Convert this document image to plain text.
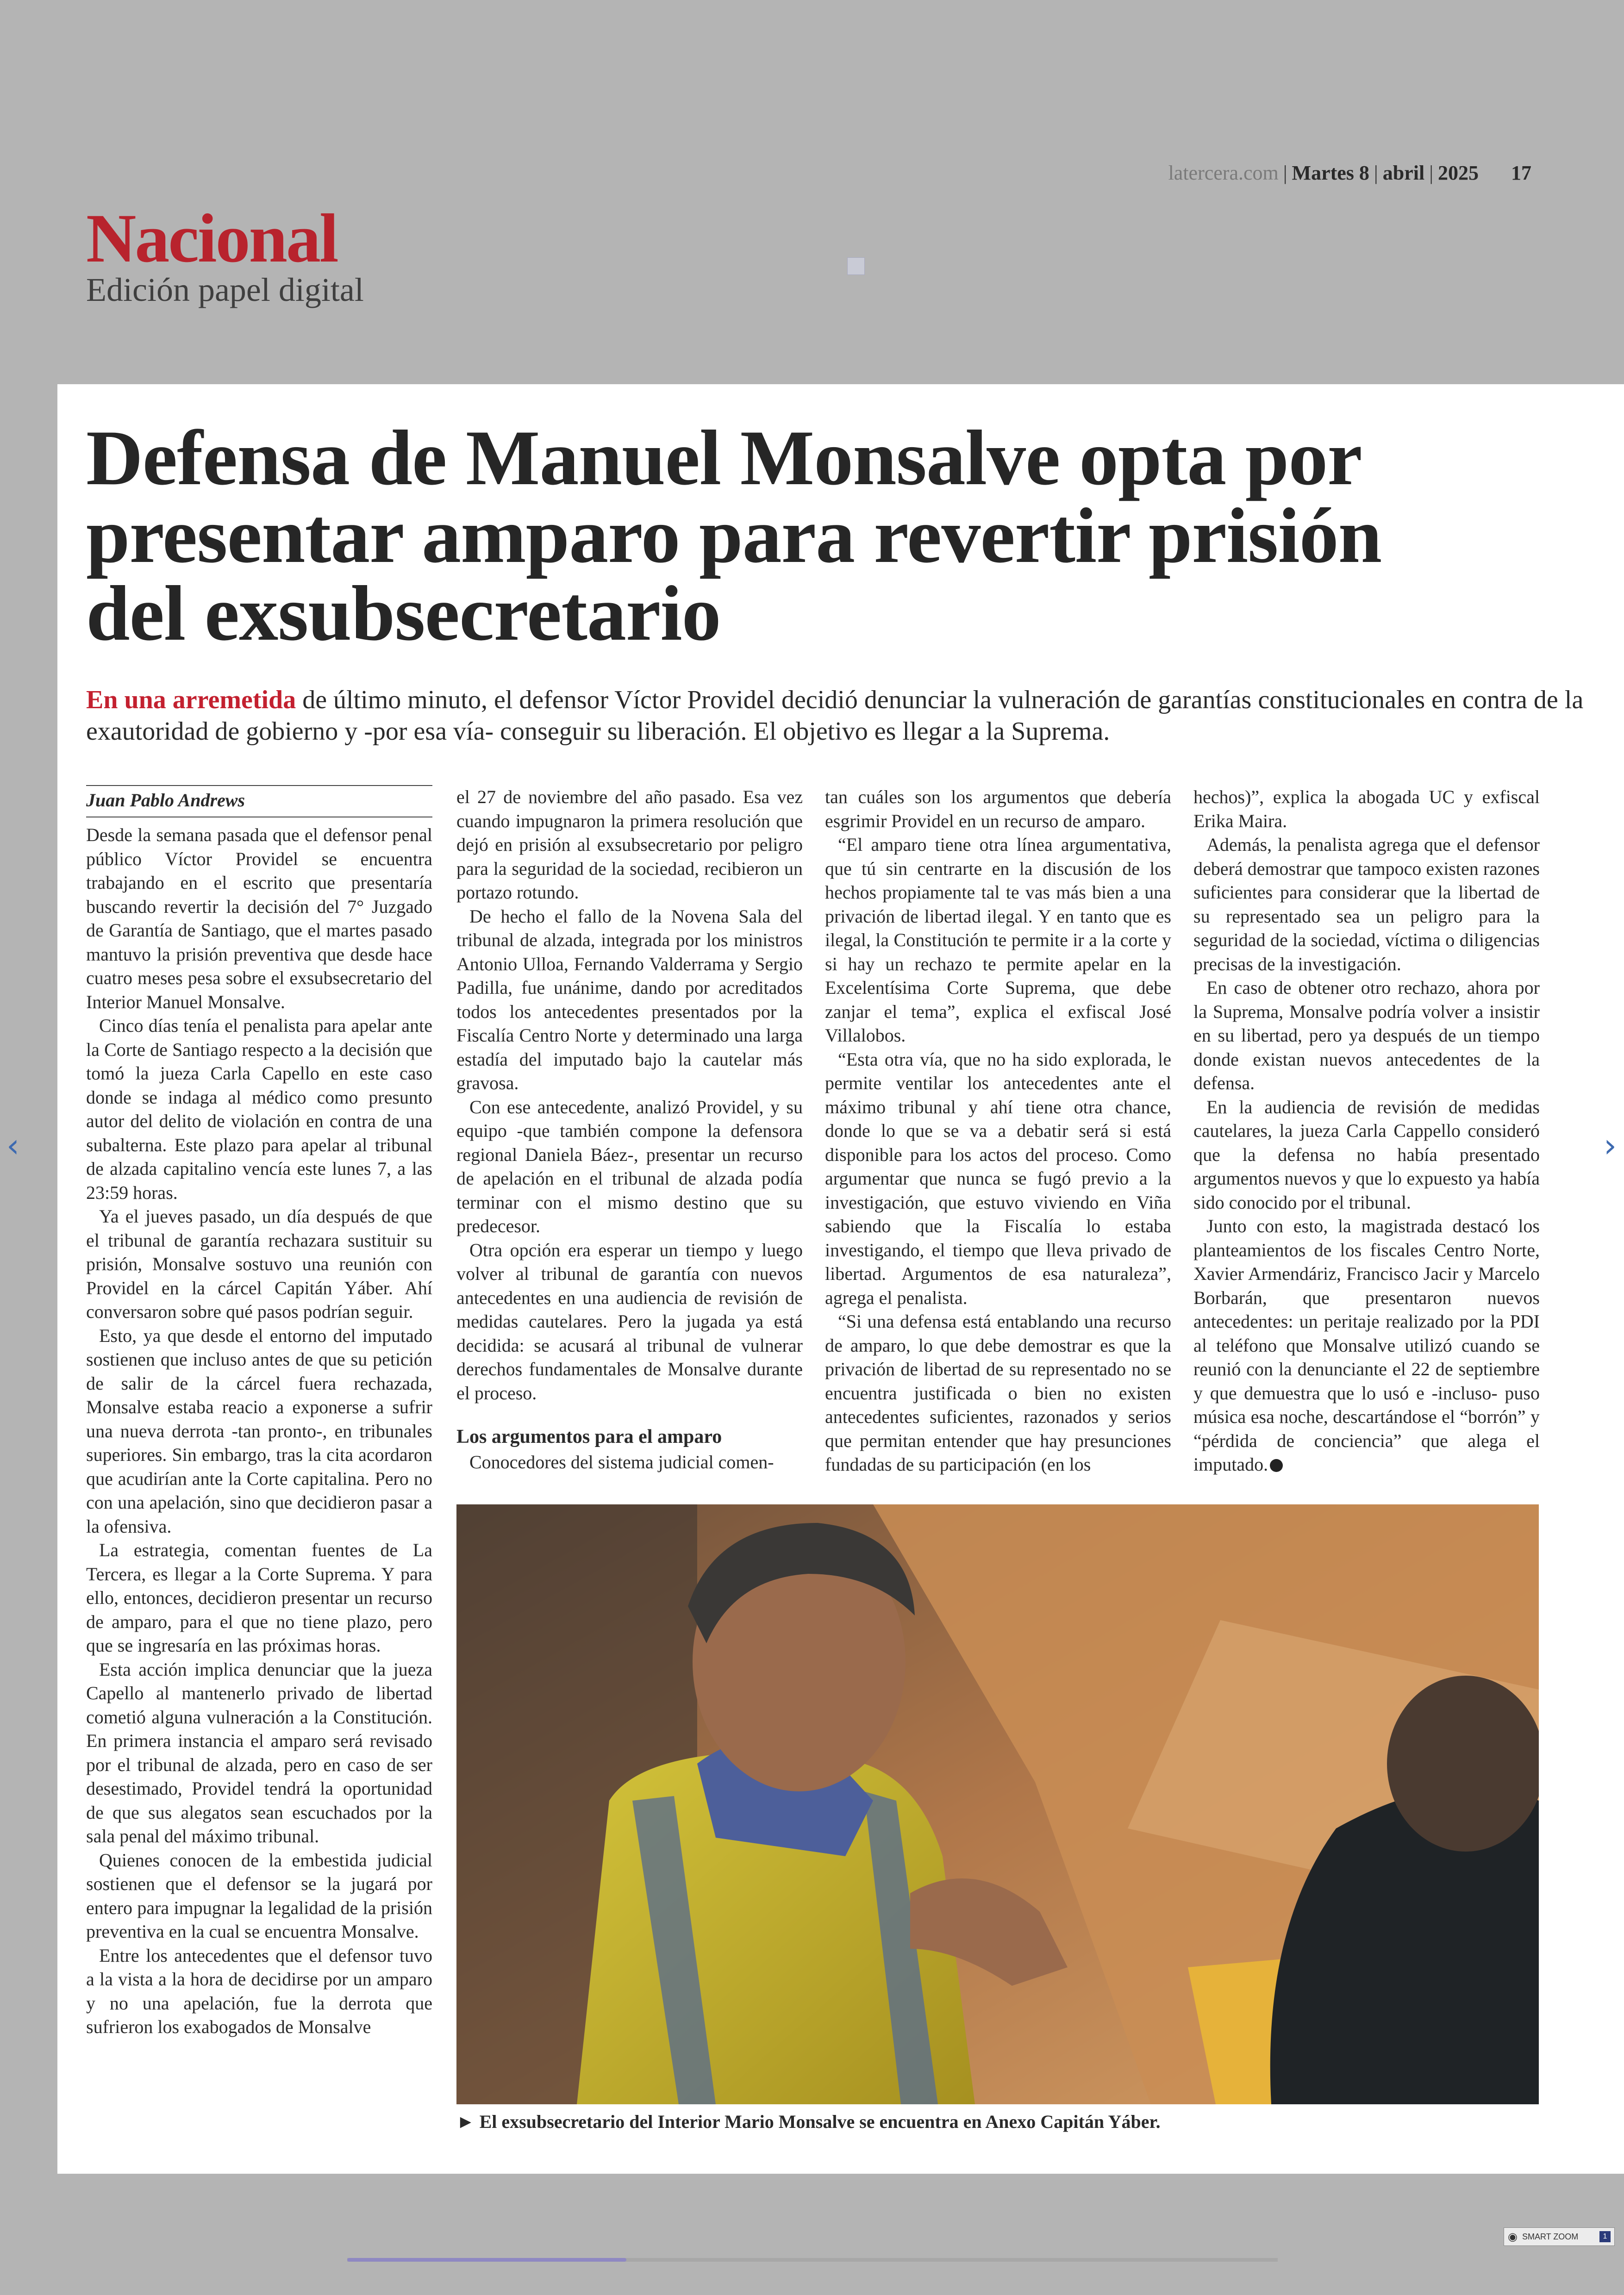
latercera.com | Martes 8 | abril | 2025 17
Nacional
Edición papel digital
Defensa de Manuel Monsalve opta por presentar amparo para revertir prisión del exsubsecretario

En una arremetida de último minuto, el defensor Víctor Providel decidió denunciar la vulneración de garantías constitucionales en contra de la exautoridad de gobierno y -por esa vía- conseguir su liberación. El objetivo es llegar a la Suprema.

Juan Pablo Andrews

Desde la semana pasada que el defensor penal público Víctor Providel se encuentra trabajando en el escrito que presentaría buscando revertir la decisión del 7° Juzgado de Garantía de Santiago, que el martes pasado mantuvo la prisión preventiva que desde hace cuatro meses pesa sobre el exsubsecretario del Interior Manuel Monsalve.

Cinco días tenía el penalista para apelar ante la Corte de Santiago respecto a la decisión que tomó la jueza Carla Capello en este caso donde se indaga al médico como presunto autor del delito de violación en contra de una subalterna. Este plazo para apelar al tribunal de alzada capitalino vencía este lunes 7, a las 23:59 horas.

Ya el jueves pasado, un día después de que el tribunal de garantía rechazara sustituir su prisión, Monsalve sostuvo una reunión con Providel en la cárcel Capitán Yáber. Ahí conversaron sobre qué pasos podrían seguir.

Esto, ya que desde el entorno del imputado sostienen que incluso antes de que su petición de salir de la cárcel fuera rechazada, Monsalve estaba reacio a exponerse a sufrir una nueva derrota -tan pronto-, en tribunales superiores. Sin embargo, tras la cita acordaron que acudirían ante la Corte capitalina. Pero no con una apelación, sino que decidieron pasar a la ofensiva.

La estrategia, comentan fuentes de La Tercera, es llegar a la Corte Suprema. Y para ello, entonces, decidieron presentar un recurso de amparo, para el que no tiene plazo, pero que se ingresaría en las próximas horas.

Esta acción implica denunciar que la jueza Capello al mantenerlo privado de libertad cometió alguna vulneración a la Constitución. En primera instancia el amparo será revisado por el tribunal de alzada, pero en caso de ser desestimado, Providel tendrá la oportunidad de que sus alegatos sean escuchados por la sala penal del máximo tribunal.

Quienes conocen de la embestida judicial sostienen que el defensor se la jugará por entero para impugnar la legalidad de la prisión preventiva en la cual se encuentra Monsalve.

Entre los antecedentes que el defensor tuvo a la vista a la hora de decidirse por un amparo y no una apelación, fue la derrota que sufrieron los exabogados de Monsalve

el 27 de noviembre del año pasado. Esa vez cuando impugnaron la primera resolución que dejó en prisión al exsubsecretario por peligro para la seguridad de la sociedad, recibieron un portazo rotundo.

De hecho el fallo de la Novena Sala del tribunal de alzada, integrada por los ministros Antonio Ulloa, Fernando Valderrama y Sergio Padilla, fue unánime, dando por acreditados todos los antecedentes presentados por la Fiscalía Centro Norte y determinado una larga estadía del imputado bajo la cautelar más gravosa.

Con ese antecedente, analizó Providel, y su equipo -que también compone la defensora regional Daniela Báez-, presentar un recurso de apelación en el tribunal de alzada podía terminar con el mismo destino que su predecesor.

Otra opción era esperar un tiempo y luego volver al tribunal de garantía con nuevos antecedentes en una audiencia de revisión de medidas cautelares. Pero la jugada ya está decidida: se acusará al tribunal de vulnerar derechos fundamentales de Monsalve durante el proceso.

Los argumentos para el amparo

Conocedores del sistema judicial comen-

tan cuáles son los argumentos que debería esgrimir Providel en un recurso de amparo.

“El amparo tiene otra línea argumentativa, que tú sin centrarte en la discusión de los hechos propiamente tal te vas más bien a una privación de libertad ilegal. Y en tanto que es ilegal, la Constitución te permite ir a la corte y si hay un rechazo te permite apelar en la Excelentísima Corte Suprema, que debe zanjar el tema”, explica el exfiscal José Villalobos.

“Esta otra vía, que no ha sido explorada, le permite ventilar los antecedentes ante el máximo tribunal y ahí tiene otra chance, donde lo que se va a debatir será si está disponible para los actos del proceso. Como argumentar que nunca se fugó previo a la investigación, que estuvo viviendo en Viña sabiendo que la Fiscalía lo estaba investigando, el tiempo que lleva privado de libertad. Argumentos de esa naturaleza”, agrega el penalista.

“Si una defensa está entablando una recurso de amparo, lo que debe demostrar es que la privación de libertad de su representado no se encuentra justificada o bien no existen antecedentes suficientes, razonados y serios que permitan entender que hay presunciones fundadas de su participación (en los

hechos)”, explica la abogada UC y exfiscal Erika Maira.

Además, la penalista agrega que el defensor deberá demostrar que tampoco existen razones suficientes para considerar que la libertad de su representado sea un peligro para la seguridad de la sociedad, víctima o diligencias precisas de la investigación.

En caso de obtener otro rechazo, ahora por la Suprema, Monsalve podría volver a insistir en su libertad, pero ya después de un tiempo donde existan nuevos antecedentes de la defensa.

En la audiencia de revisión de medidas cautelares, la jueza Carla Cappello consideró que la defensa no había presentado argumentos nuevos y que lo expuesto ya había sido conocido por el tribunal.

Junto con esto, la magistrada destacó los planteamientos de los fiscales Centro Norte, Xavier Armendáriz, Francisco Jacir y Marcelo Borbarán, que presentaron nuevos antecedentes: un peritaje realizado por la PDI al teléfono que Monsalve utilizó cuando se reunió con la denunciante el 22 de septiembre y que demuestra que lo usó e -incluso- puso música esa noche, descartándose el “borrón” y “pérdida de conciencia” que alega el imputado.

► El exsubsecretario del Interior Mario Monsalve se encuentra en Anexo Capitán Yáber.
‹	›
◉ SMART ZOOM	1
